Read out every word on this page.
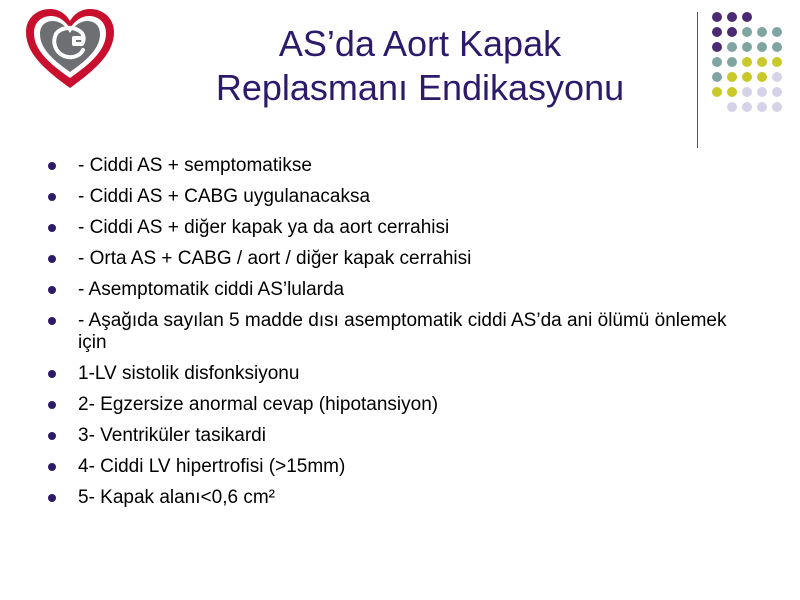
AS’da Aort Kapak
Replasmanı Endikasyonu
- Ciddi AS + semptomatikse
- Ciddi AS + CABG uygulanacaksa
- Ciddi AS + diğer kapak ya da aort cerrahisi
- Orta AS + CABG / aort / diğer kapak cerrahisi
- Asemptomatik ciddi AS’lularda
- Aşağıda sayılan 5 madde dısı asemptomatik ciddi AS’da ani ölümü önlemek için
1-LV sistolik disfonksiyonu
2- Egzersize anormal cevap (hipotansiyon)
3- Ventriküler tasikardi
4- Ciddi LV hipertrofisi (>15mm)
5- Kapak alanı<0,6 cm²
